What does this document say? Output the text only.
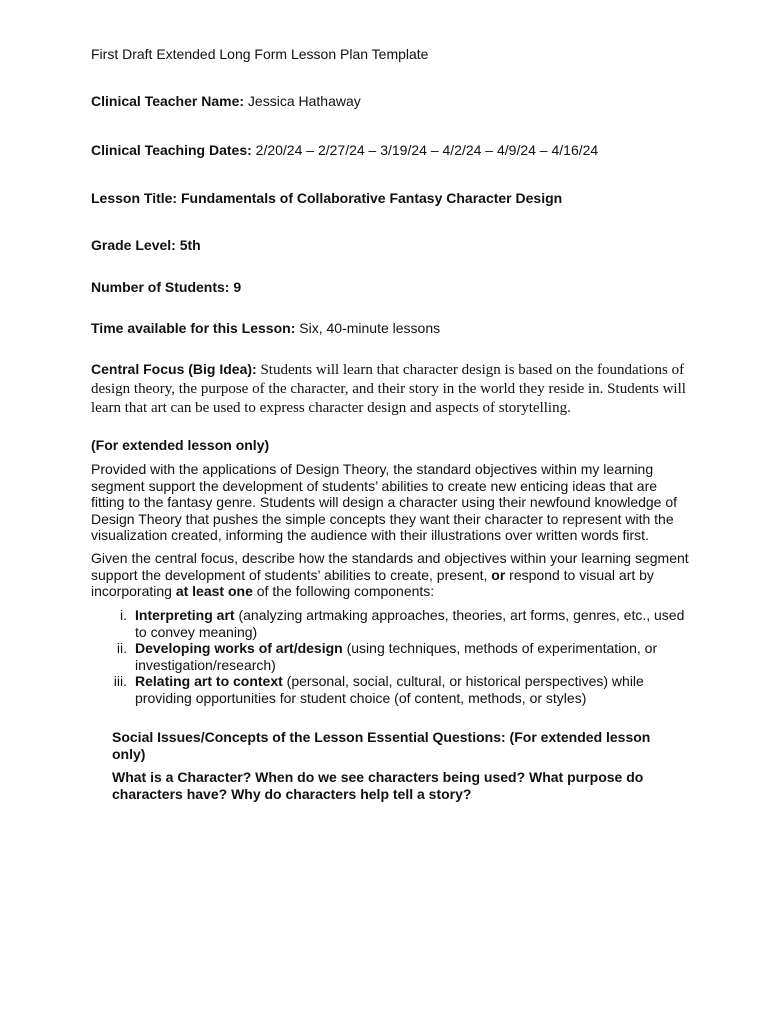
First Draft Extended Long Form Lesson Plan Template
Clinical Teacher Name: Jessica Hathaway
Clinical Teaching Dates: 2/20/24 – 2/27/24 – 3/19/24 – 4/2/24 – 4/9/24 – 4/16/24
Lesson Title: Fundamentals of Collaborative Fantasy Character Design
Grade Level: 5th
Number of Students: 9
Time available for this Lesson: Six, 40-minute lessons
Central Focus (Big Idea): Students will learn that character design is based on the foundations of design theory, the purpose of the character, and their story in the world they reside in. Students will learn that art can be used to express character design and aspects of storytelling.
(For extended lesson only)
Provided with the applications of Design Theory, the standard objectives within my learning segment support the development of students’ abilities to create new enticing ideas that are fitting to the fantasy genre. Students will design a character using their newfound knowledge of Design Theory that pushes the simple concepts they want their character to represent with the visualization created, informing the audience with their illustrations over written words first.
Given the central focus, describe how the standards and objectives within your learning segment support the development of students’ abilities to create, present, or respond to visual art by incorporating at least one of the following components:
i. Interpreting art (analyzing artmaking approaches, theories, art forms, genres, etc., used to convey meaning)
ii. Developing works of art/design (using techniques, methods of experimentation, or investigation/research)
iii. Relating art to context (personal, social, cultural, or historical perspectives) while providing opportunities for student choice (of content, methods, or styles)
Social Issues/Concepts of the Lesson Essential Questions: (For extended lesson only)
What is a Character? When do we see characters being used? What purpose do characters have? Why do characters help tell a story?
